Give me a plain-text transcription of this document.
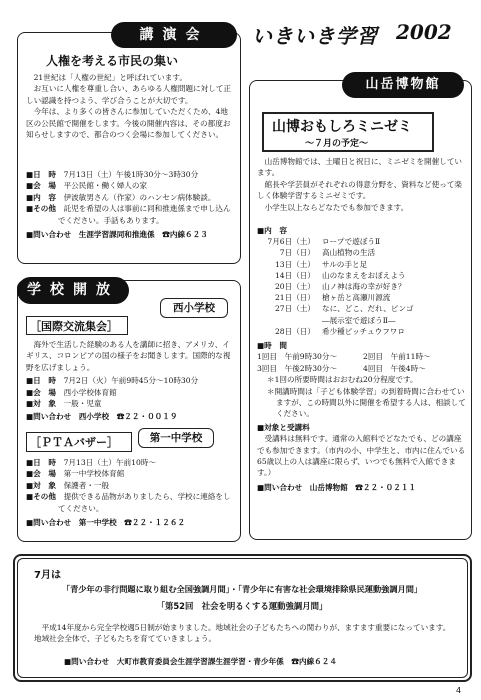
講演会
人権を考える市民の集い

21世紀は「人権の世紀」と呼ばれています。

お互いに人権を尊重し合い、あらゆる人権問題に対して正しい認識を持つよう、学び合うことが大切です。

今年は、より多くの皆さんに参加していただくため、4地区の公民館で開催をします。今後の開催内容は、その都度お知らせしますので、都合のつく会場に参加してください。

■日　時　 7月13日（土）午後1時30分～3時30分

■会　場　 平公民館・働く婦人の家

■内　容　 伊波敏男さん（作家）のハンセン病体験談。

■その他　 託児を希望の人は事前に同和推進係まで申し込んでください。手話もあります。

■問い合わせ　生涯学習課同和推進係　☎内線６２３

学校開放
西小学校
［国際交流集会］

海外で生活した経験のある人を講師に招き、アメリカ、イギリス、コロンビアの国の様子をお聞きします。国際的な視野を広げましょう。

■日　時　 7月2日（火）午前9時45分～10時30分

■会　場　 西小学校体育館

■対　象　 一般・児童

■問い合わせ　西小学校　☎２２・００１９

第一中学校
［ＰＴＡバザー］

■日　時　 7月13日（土）午前10時～

■会　場　 第一中学校体育館

■対　象　 保護者・一般

■その他　 提供できる品物がありましたら、学校に連絡をしてください。

■問い合わせ　第一中学校　☎２２・１２６２

いきいき学習 2002
山岳博物館
山博おもしろミニゼミ
～７月の予定～

山岳博物館では、土曜日と祝日に、ミニゼミを開催しています。

館長や学芸員がそれぞれの得意分野を、資料など使って楽しく体験学習するミニゼミです。

小学生以上ならどなたでも参加できます。

■内　容

7月6日（土） ロープで遊ぼうⅡ

7日（日） 高山植物の生活

13日（土） サルの手と足

14日（日） 山のなまえをおぼえよう

20日（土） 山ノ神は海の幸が好き？

21日（日） 槍ヶ岳と高瀬川源流

27日（土） なに、どこ、だれ、ビンゴ

―展示室で遊ぼうⅡ―

28日（日） 希少種ピッチュウフワロ

■時　間

1回目　午前9時30分～	2回目　午前11時～

3回目　午後2時30分～	4回目　午後4時～

＊1回の所要時間はおおむね20分程度です。

＊開講時間は「子ども体験学習」の到着時間に合わせていますが、この時間以外に開催を希望する人は、相談してください。

■対象と受講料

受講料は無料です。通常の入館料でどなたでも、どの講座でも参加できます。（市内の小、中学生と、市内に住んでいる65歳以上の人は講座に限らず、いつでも無料で入館できます。）

■問い合わせ　山岳博物館　☎２２・０２１１

7月は
「青少年の非行問題に取り組む全国強調月間」・「青少年に有害な社会環境排除県民運動強調月間」
「第52回　社会を明るくする運動強調月間」
平成14年度から完全学校週5日制が始まりました。地域社会の子どもたちへの関わりが、ますます重要になっています。地域社会全体で、子どもたちを育てていきましょう。
■問い合わせ　大町市教育委員会生涯学習課生涯学習・青少年係　☎内線６２４
4
